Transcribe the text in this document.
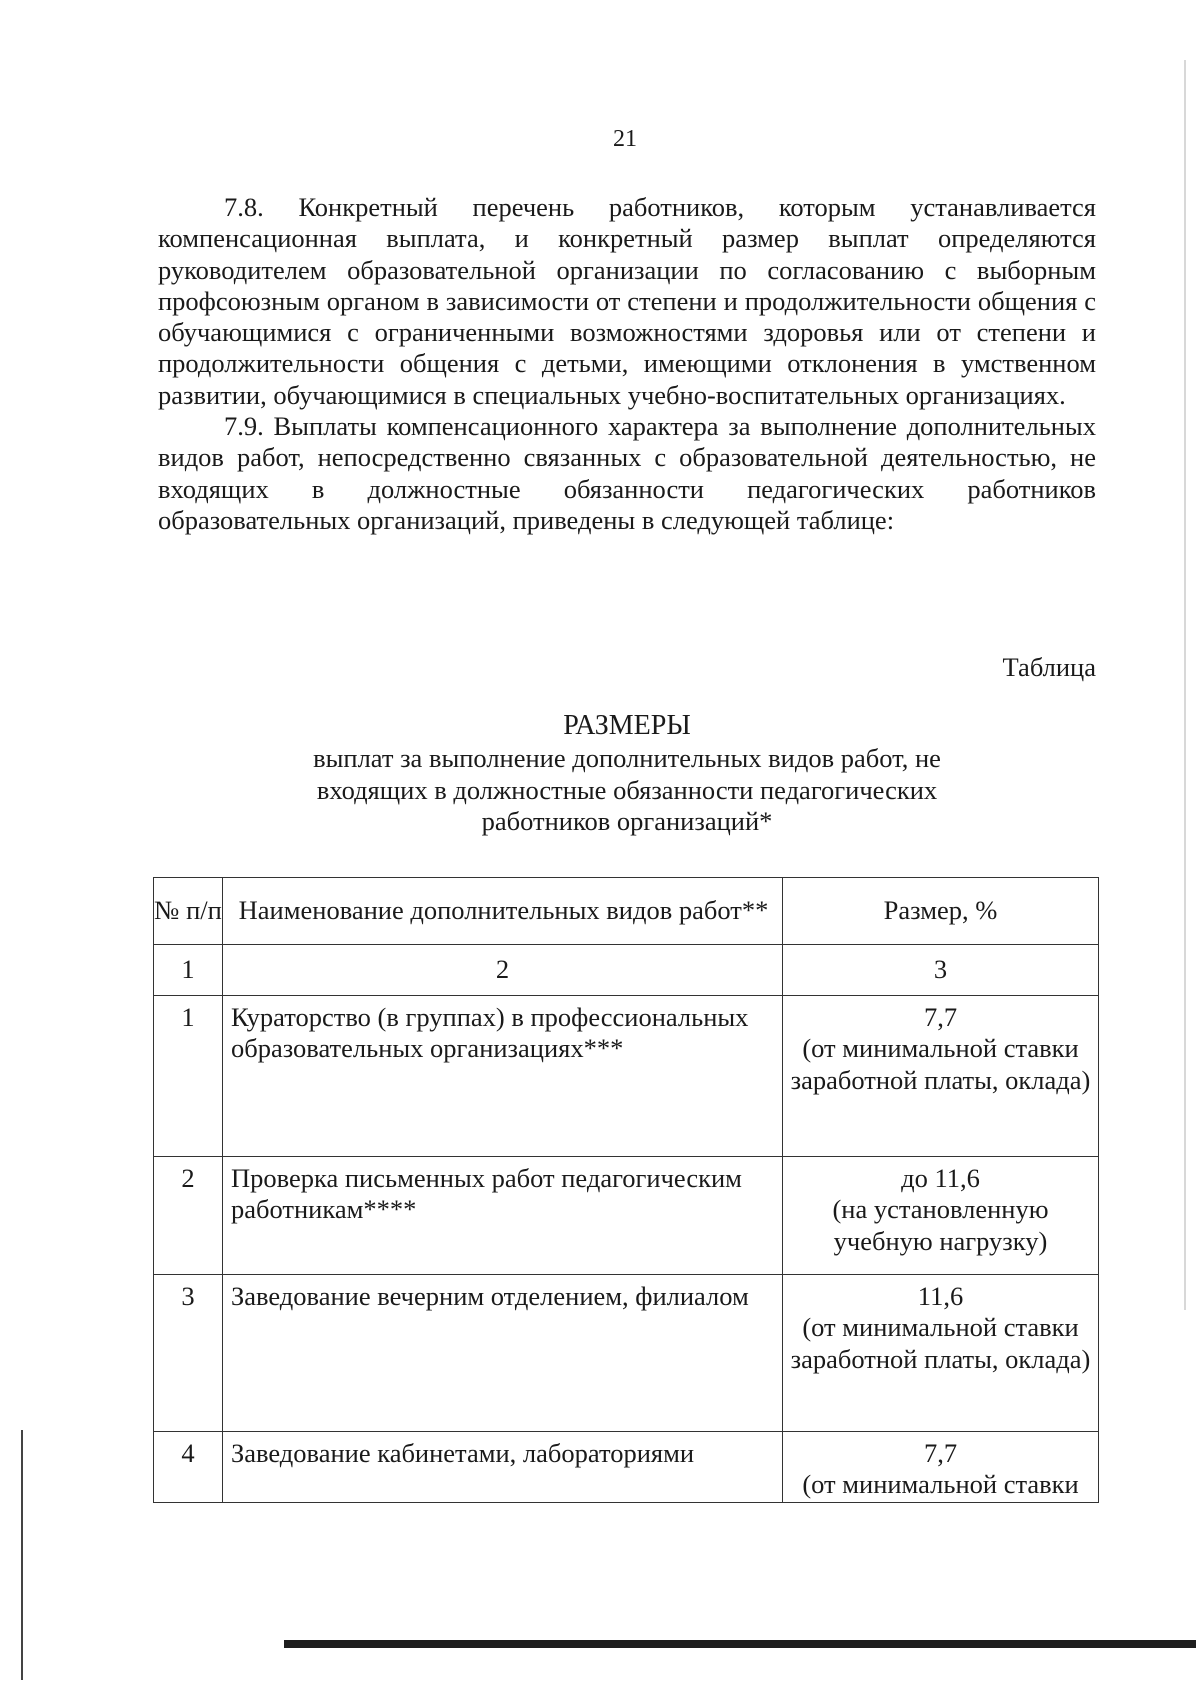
21

7.8. Конкретный перечень работников, которым устанавливается компенсационная выплата, и конкретный размер выплат определяются руководителем образовательной организации по согласованию с выборным профсоюзным органом в зависимости от степени и продолжительности общения с обучающимися с ограниченными возможностями здоровья или от степени и продолжительности общения с детьми, имеющими отклонения в умственном развитии, обучающимися в специальных учебно-воспитательных организациях.

7.9. Выплаты компенсационного характера за выполнение дополнительных видов работ, непосредственно связанных с образовательной деятельностью, не входящих в должностные обязанности педагогических работников образовательных организаций, приведены в следующей таблице:

Таблица
РАЗМЕРЫ
выплат за выполнение дополнительных видов работ, не входящих в должностные обязанности педагогических работников организаций*
№ п/п	Наименование дополнительных видов работ**	Размер, %
1	2	3
1	Кураторство (в группах) в профессиональных образовательных организациях***	7,7
(от минимальной ставки заработной платы, оклада)

2	Проверка письменных работ педагогическим работникам****	до 11,6
(на установленную учебную нагрузку)

3	Заведование вечерним отделением, филиалом	11,6
(от минимальной ставки заработной платы, оклада)

4	Заведование кабинетами, лабораториями	7,7
(от минимальной ставки
